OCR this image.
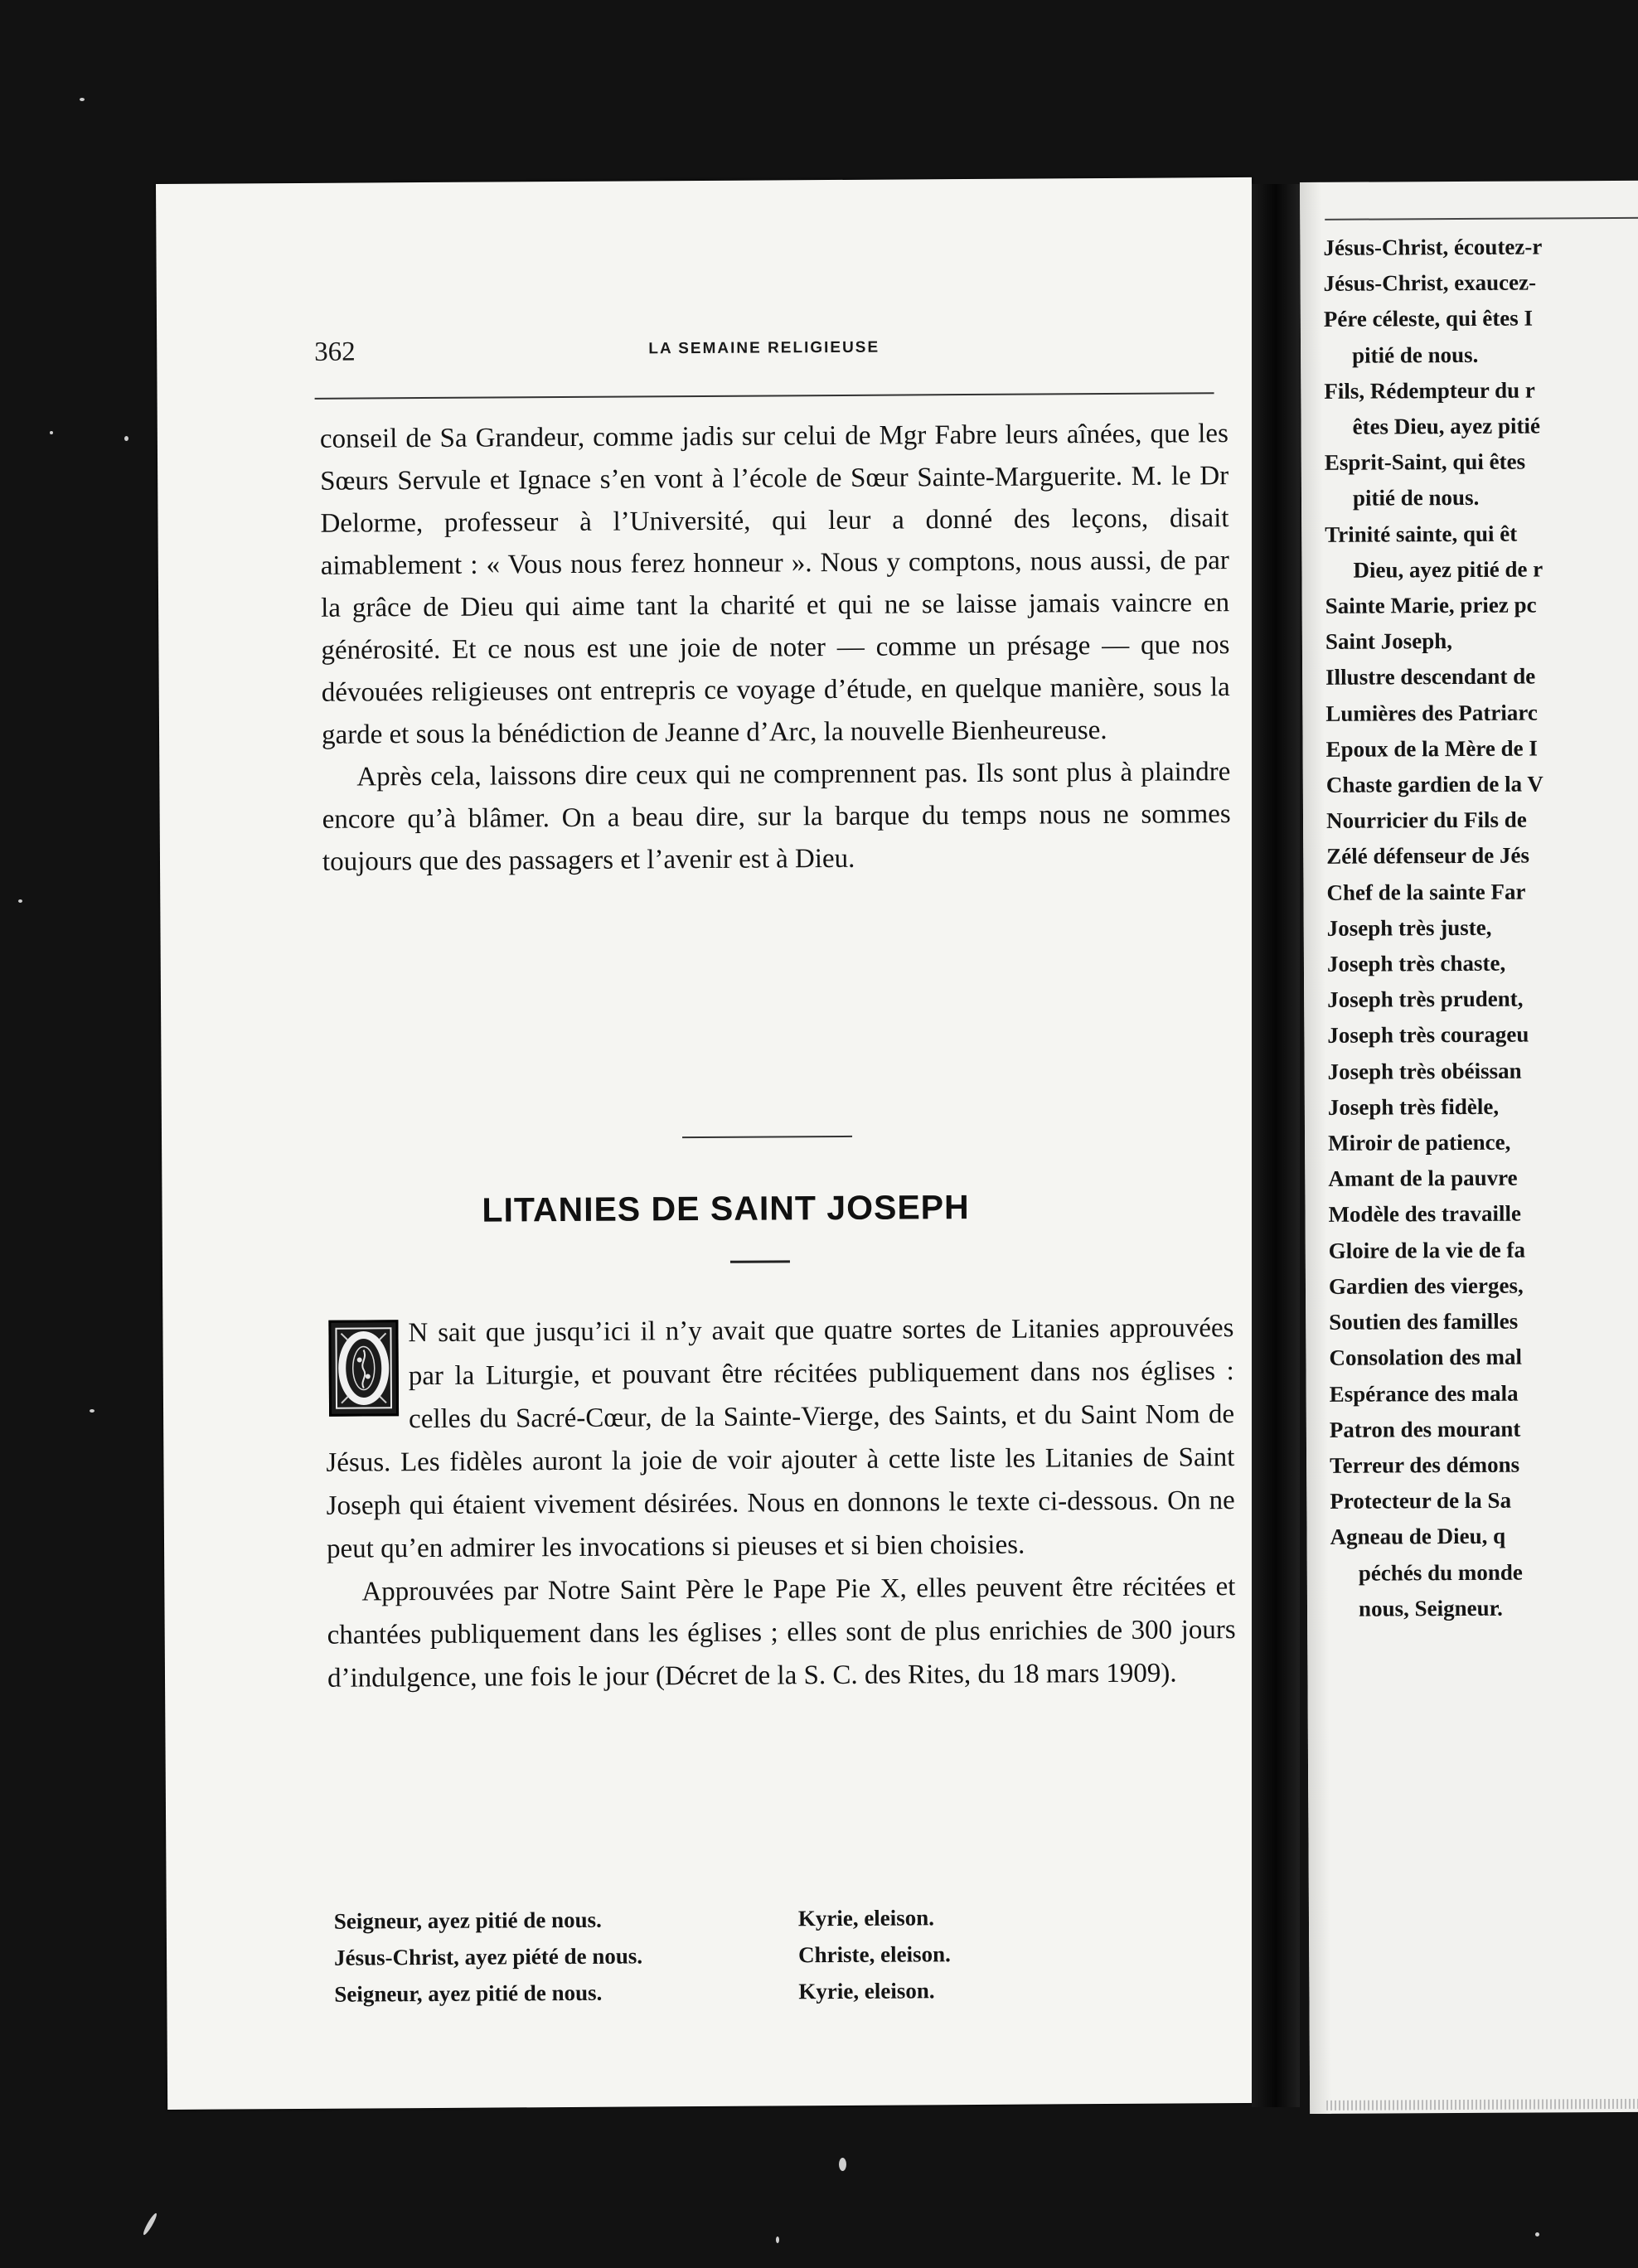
362	LA SEMAINE RELIGIEUSE

conseil de Sa Grandeur, comme jadis sur celui de Mgr Fabre leurs aînées, que les Sœurs Servule et Ignace s’en vont à l’école de Sœur Sainte-Marguerite. M. le Dr Delorme, professeur à l’Université, qui leur a donné des leçons, disait aimablement : « Vous nous ferez honneur ». Nous y comptons, nous aussi, de par la grâce de Dieu qui aime tant la charité et qui ne se laisse jamais vaincre en générosité. Et ce nous est une joie de noter — comme un présage — que nos dévouées religieuses ont entrepris ce voyage d’étude, en quelque manière, sous la garde et sous la bénédiction de Jeanne d’Arc, la nouvelle Bienheureuse.

Après cela, laissons dire ceux qui ne comprennent pas. Ils sont plus à plaindre encore qu’à blâmer. On a beau dire, sur la barque du temps nous ne sommes toujours que des passagers et l’avenir est à Dieu.

LITANIES DE SAINT JOSEPH

N sait que jusqu’ici il n’y avait que quatre sortes de Litanies approuvées par la Liturgie, et pouvant être récitées publiquement dans nos églises : celles du Sacré-Cœur, de la Sainte-Vierge, des Saints, et du Saint Nom de Jésus. Les fidèles auront la joie de voir ajouter à cette liste les Litanies de Saint Joseph qui étaient vivement désirées. Nous en donnons le texte ci-dessous. On ne peut qu’en admirer les invocations si pieuses et si bien choisies.

Approuvées par Notre Saint Père le Pape Pie X, elles peuvent être récitées et chantées publiquement dans les églises ; elles sont de plus enrichies de 300 jours d’indulgence, une fois le jour (Décret de la S. C. des Rites, du 18 mars 1909).

Seigneur, ayez pitié de nous.	Kyrie, eleison.
Jésus-Christ, ayez piété de nous.	Christe, eleison.
Seigneur, ayez pitié de nous.	Kyrie, eleison.
Jésus-Christ, écoutez-r
Jésus-Christ, exaucez-
Pére céleste, qui êtes I
pitié de nous.
Fils, Rédempteur du r
êtes Dieu, ayez pitié
Esprit-Saint, qui êtes
pitié de nous.
Trinité sainte, qui êt
Dieu, ayez pitié de r
Sainte Marie, priez pc
Saint Joseph,
Illustre descendant de
Lumières des Patriarc
Epoux de la Mère de I
Chaste gardien de la V
Nourricier du Fils de
Zélé défenseur de Jés
Chef de la sainte Far
Joseph très juste,
Joseph très chaste,
Joseph très prudent,
Joseph très courageu
Joseph très obéissan
Joseph très fidèle,
Miroir de patience,
Amant de la pauvre
Modèle des travaille
Gloire de la vie de fa
Gardien des vierges,
Soutien des familles
Consolation des mal
Espérance des mala
Patron des mourant
Terreur des démons
Protecteur de la Sa
Agneau de Dieu, q
péchés du monde
nous, Seigneur.
